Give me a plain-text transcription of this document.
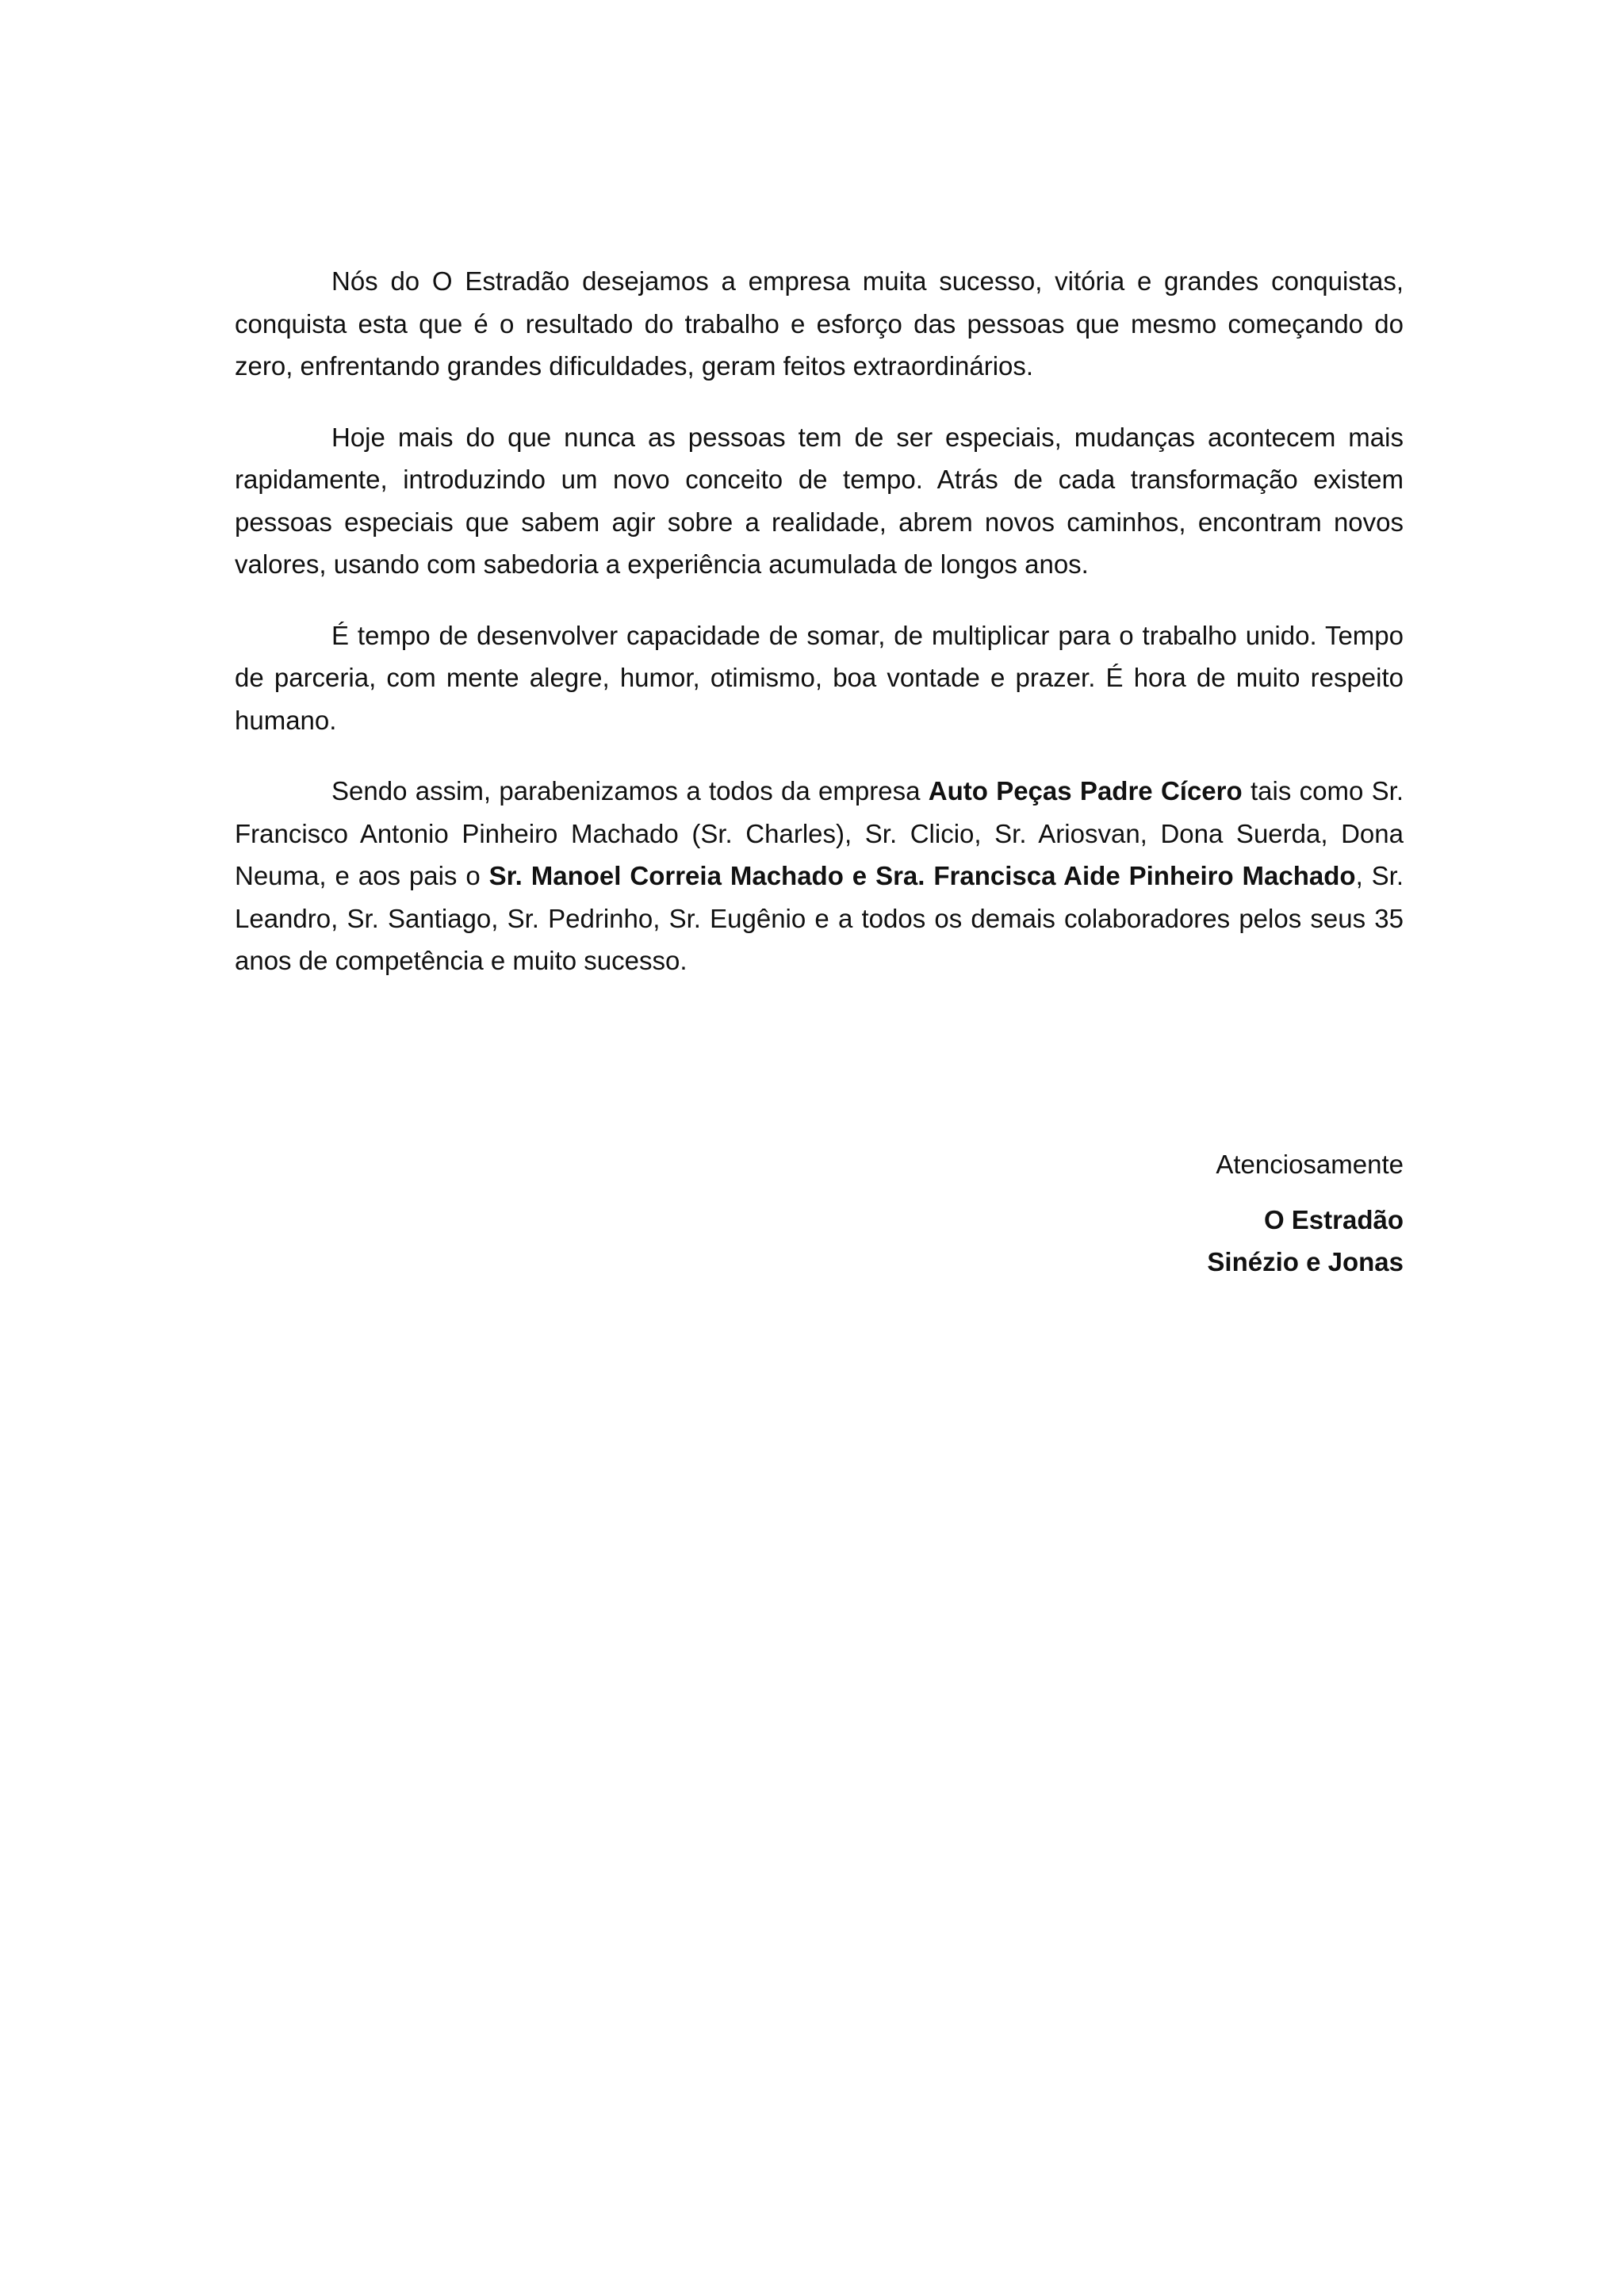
Nós do O Estradão desejamos a empresa muita sucesso, vitória e grandes conquistas, conquista esta que é o resultado do trabalho e esforço das pessoas que mesmo começando do zero, enfrentando grandes dificuldades, geram feitos extraordinários.

Hoje mais do que nunca as pessoas tem de ser especiais, mudanças acontecem mais rapidamente, introduzindo um novo conceito de tempo. Atrás de cada transformação existem pessoas especiais que sabem agir sobre a realidade, abrem novos caminhos, encontram novos valores, usando com sabedoria a experiência acumulada de longos anos.

É tempo de desenvolver capacidade de somar, de multiplicar para o trabalho unido. Tempo de parceria, com mente alegre, humor, otimismo, boa vontade e prazer. É hora de muito respeito humano.

Sendo assim, parabenizamos a todos da empresa Auto Peças Padre Cícero tais como Sr. Francisco Antonio Pinheiro Machado (Sr. Charles), Sr. Clicio, Sr. Ariosvan, Dona Suerda, Dona Neuma, e aos pais o Sr. Manoel Correia Machado e Sra. Francisca Aide Pinheiro Machado, Sr. Leandro, Sr. Santiago, Sr. Pedrinho, Sr. Eugênio e a todos os demais colaboradores pelos seus 35 anos de competência e muito sucesso.

Atenciosamente

O Estradão

Sinézio e Jonas
